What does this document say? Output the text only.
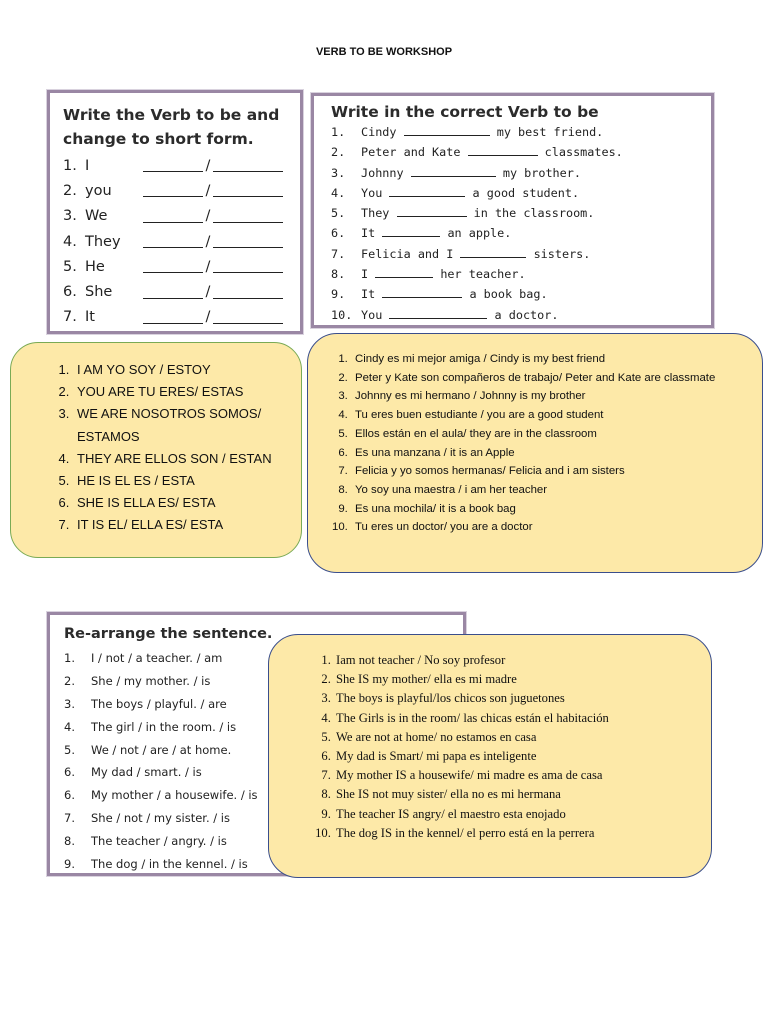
VERB TO BE WORKSHOP
Write the Verb to be and
change to short form.
1. I	/
2. you	/
3. We	/
4. They	/
5. He	/
6. She	/
7. It	/
Write in the correct Verb to be
1. Cindy	my best friend.
2. Peter and Kate	classmates.
3. Johnny	my brother.
4. You	a good student.
5. They	in the classroom.
6. It	an apple.
7. Felicia and I	sisters.
8. I	her teacher.
9. It	a book bag.
10. You	a doctor.
1. I AM YO SOY / ESTOY
2. YOU ARE TU ERES/ ESTAS
3. WE ARE NOSOTROS SOMOS/ ESTAMOS
4. THEY ARE ELLOS SON / ESTAN
5. HE IS EL ES / ESTA
6. SHE IS ELLA ES/ ESTA
7. IT IS EL/ ELLA ES/ ESTA
1. Cindy es mi mejor amiga / Cindy is my best friend
2. Peter y Kate son compañeros de trabajo/ Peter and Kate are classmate
3. Johnny es mi hermano / Johnny is my brother
4. Tu eres buen estudiante / you are a good student
5. Ellos están en el aula/ they are in the classroom
6. Es una manzana / it is an Apple
7. Felicia y yo somos hermanas/ Felicia and i am sisters
8. Yo soy una maestra / i am her teacher
9. Es una mochila/ it is a book bag
10. Tu eres un doctor/ you are a doctor
Re-arrange the sentence.
1.	I / not / a teacher. / am
2.	She / my mother. / is
3.	The boys / playful. / are
4.	The girl / in the room. / is
5.	We / not / are / at home.
6.	My dad / smart. / is
6.	My mother / a housewife. / is
7.	She / not / my sister. / is
8.	The teacher / angry. / is
9.	The dog / in the kennel. / is
1. Iam not teacher / No soy profesor
2. She IS my mother/ ella es mi madre
3. The boys is playful/los chicos son juguetones
4. The Girls is in the room/ las chicas están el habitación
5. We are not at home/ no estamos en casa
6. My dad is Smart/ mi papa es inteligente
7. My mother IS a housewife/ mi madre es ama de casa
8. She IS not muy sister/ ella no es mi hermana
9. The teacher IS angry/ el maestro esta enojado
10. The dog IS in the kennel/ el perro está en la perrera
